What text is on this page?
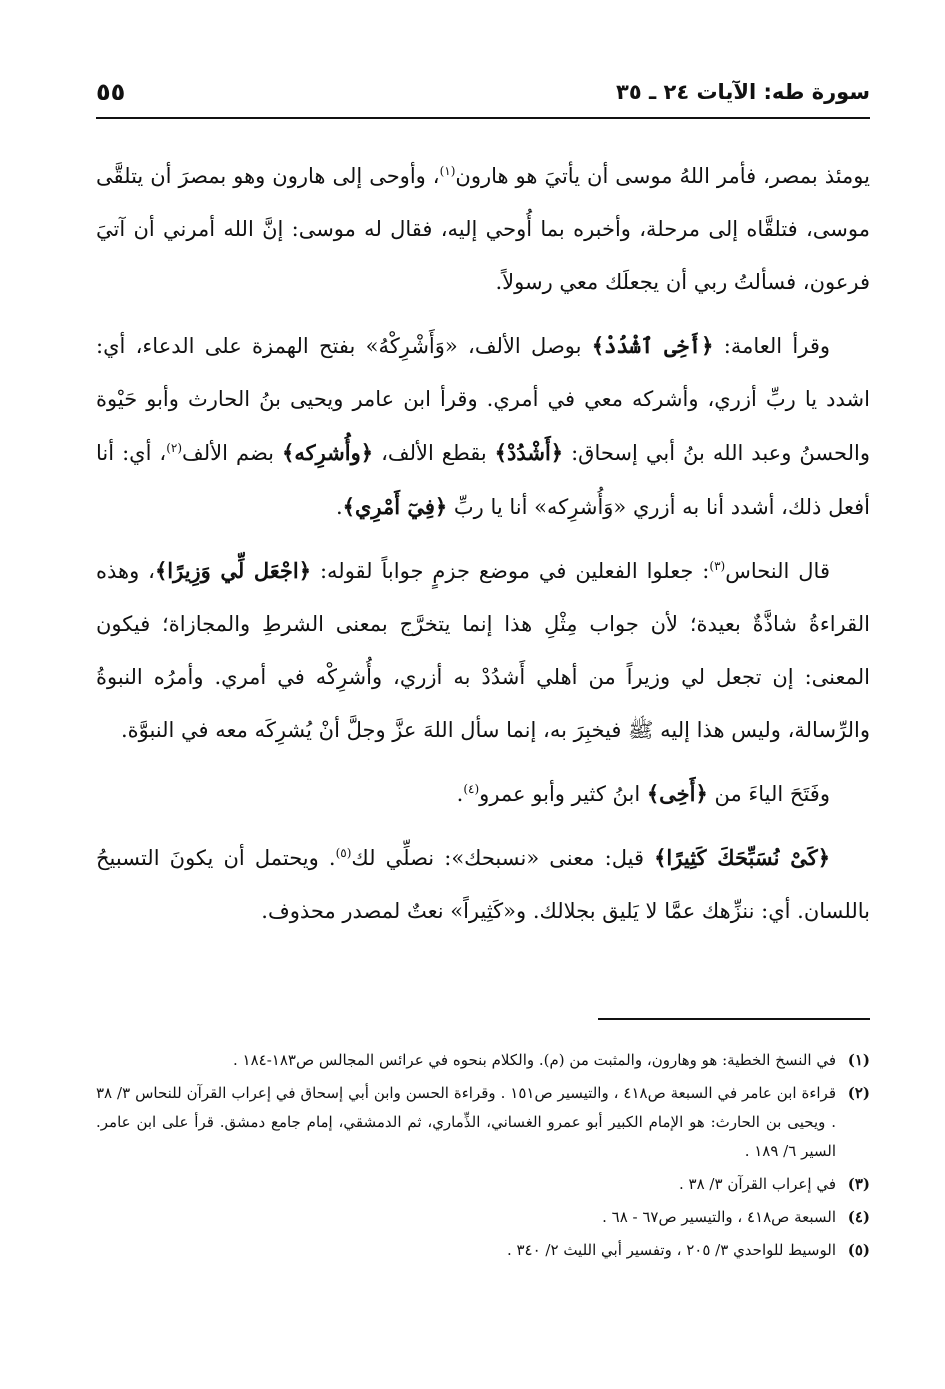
سورة طه: الآيات ٢٤ ـ ٣٥
٥٥

يومئذ بمصر، فأمر اللهُ موسى أن يأتيَ هو هارون$^{(١)}$، وأوحى إلى هارون وهو بمصرَ أن يتلقَّى موسى، فتلقَّاه إلى مرحلة، وأخبره بما أُوحي إليه، فقال له موسى: إنَّ الله أمرني أن آتيَ فرعون، فسألتُ ربي أن يجعلَك معي رسولاً.

وقرأ العامة: ﴿أَخِى ٱشْدُدْ﴾ بوصل الألف، «وَأَشْرِكْهُ» بفتح الهمزة على الدعاء، أي: اشدد يا ربِّ أزري، وأشركه معي في أمري. وقرأ ابن عامر ويحيى بنُ الحارث وأبو حَيْوة والحسنُ وعبد الله بنُ أبي إسحاق: ﴿أَشْدُدْ﴾ بقطع الألف، ﴿وأُشرِكه﴾ بضم الألف$^{(٢)}$، أي: أنا أفعل ذلك، أشدد أنا به أزري «وَأُشرِكه» أنا يا ربِّ ﴿فِيٓ أَمْرِي﴾.

قال النحاس$^{(٣)}$: جعلوا الفعلين في موضع جزمٍ جواباً لقوله: ﴿اجْعَل لِّي وَزِيرًا﴾، وهذه القراءةُ شاذَّةٌ بعيدة؛ لأن جواب مِثْلِ هذا إنما يتخرَّج بمعنى الشرطِ والمجازاة؛ فيكون المعنى: إن تجعل لي وزيراً من أهلي أَشدُدْ به أزري، وأُشرِكْه في أمري. وأمرُه النبوةُ والرِّسالة، وليس هذا إليه ﷺ فيخبِرَ به، إنما سأل اللهَ عزَّ وجلَّ أنْ يُشرِكَه معه في النبوَّة.

وفَتَحَ الياءَ من ﴿أَخِى﴾ ابنُ كثير وأبو عمرو$^{(٤)}$.

﴿كَىْ نُسَبِّحَكَ كَثِيرًا﴾ قيل: معنى «نسبحك»: نصلِّي لك$^{(٥)}$. ويحتمل أن يكونَ التسبيحُ باللسان. أي: ننزِّهك عمَّا لا يَليق بجلالك. و«كَثِيراً» نعتٌ لمصدر محذوف.

(١)
في النسخ الخطية: هو وهارون، والمثبت من (م). والكلام بنحوه في عرائس المجالس ص١٨٣-١٨٤ .
(٢)
قراءة ابن عامر في السبعة ص٤١٨ ، والتيسير ص١٥١ . وقراءة الحسن وابن أبي إسحاق في إعراب القرآن للنحاس ٣/ ٣٨ . ويحيى بن الحارث: هو الإمام الكبير أبو عمرو الغساني، الذِّماري، ثم الدمشقي، إمام جامع دمشق. قرأ على ابن عامر. السير ٦/ ١٨٩ .
(٣)
في إعراب القرآن ٣/ ٣٨ .
(٤)
السبعة ص٤١٨ ، والتيسير ص٦٧ - ٦٨ .
(٥)
الوسيط للواحدي ٣/ ٢٠٥ ، وتفسير أبي الليث ٢/ ٣٤٠ .
